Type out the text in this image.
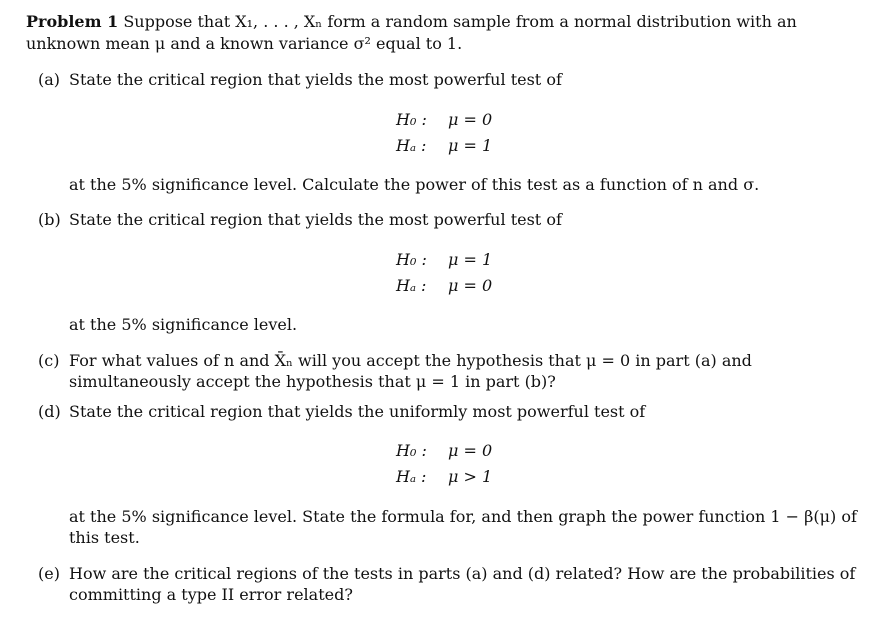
Problem 1 Suppose that X₁, . . . , Xₙ form a random sample from a normal distribution with an
unknown mean μ and a known variance σ² equal to 1.
(a) State the critical region that yields the most powerful test of
H₀ : μ = 0
Hₐ : μ = 1
at the 5% significance level. Calculate the power of this test as a function of n and σ.
(b) State the critical region that yields the most powerful test of
H₀ : μ = 1
Hₐ : μ = 0
at the 5% significance level.
(c) For what values of n and X̄ₙ will you accept the hypothesis that μ = 0 in part (a) and
simultaneously accept the hypothesis that μ = 1 in part (b)?
(d) State the critical region that yields the uniformly most powerful test of
H₀ : μ = 0
Hₐ : μ > 1
at the 5% significance level. State the formula for, and then graph the power function 1 − β(μ) of
this test.
(e) How are the critical regions of the tests in parts (a) and (d) related? How are the probabilities of
committing a type II error related?
